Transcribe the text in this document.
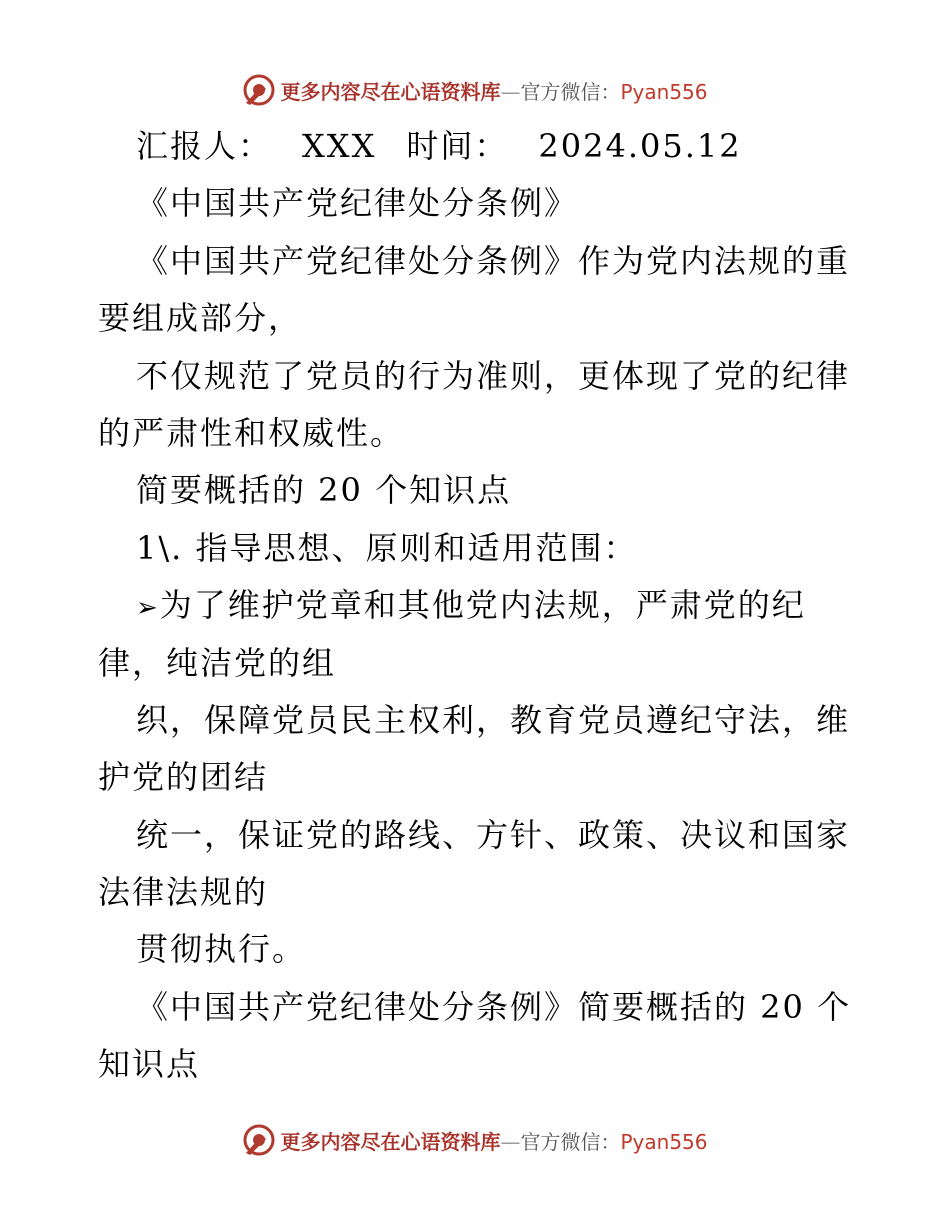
更多内容尽在心语资料库—官方微信：Pyan556
汇报人： XXX 时间： 2024.05.12
《中国共产党纪律处分条例》
《中国共产党纪律处分条例》作为党内法规的重
要组成部分，
不仅规范了党员的行为准则，更体现了党的纪律
的严肃性和权威性。
简要概括的 20 个知识点
1\. 指导思想、原则和适用范围：
➢为了维护党章和其他党内法规，严肃党的纪
律，纯洁党的组
织，保障党员民主权利，教育党员遵纪守法，维
护党的团结
统一，保证党的路线、方针、政策、决议和国家
法律法规的
贯彻执行。
《中国共产党纪律处分条例》简要概括的 20 个
知识点
更多内容尽在心语资料库—官方微信：Pyan556
